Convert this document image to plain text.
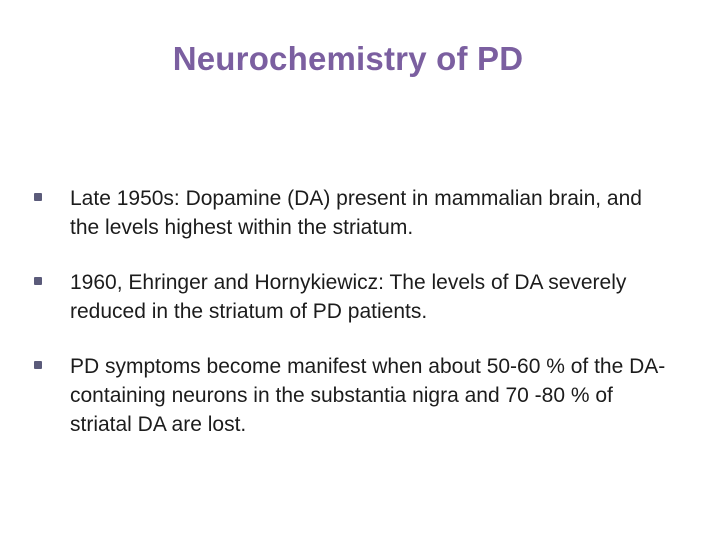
Neurochemistry of PD
Late 1950s: Dopamine (DA) present in mammalian brain, and the levels highest within the striatum.
1960, Ehringer and Hornykiewicz: The levels of DA severely reduced in the striatum of PD patients.
PD symptoms become manifest when about 50-60 % of the DA-containing neurons in the substantia nigra and 70 -80 % of striatal DA are lost.
